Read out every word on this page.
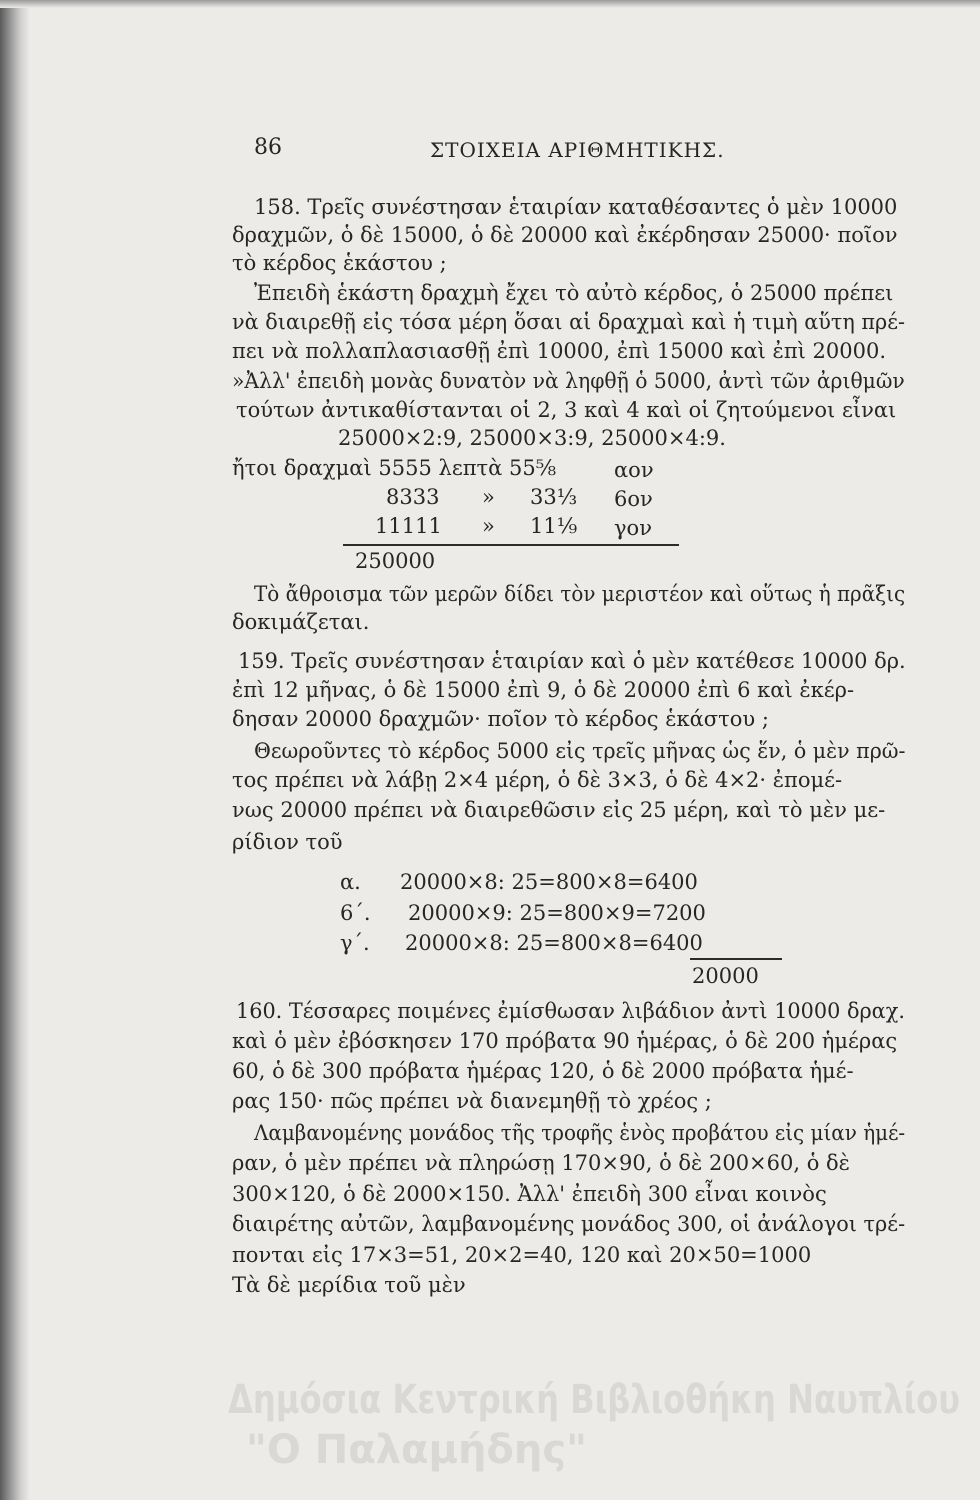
86	ΣΤΟΙΧΕΙΑ ΑΡΙΘΜΗΤΙΚΗΣ.
158. Τρεῖς συνέστησαν ἑταιρίαν καταθέσαντες ὁ μὲν 10000
δραχμῶν, ὁ δὲ 15000, ὁ δὲ 20000 καὶ ἐκέρδησαν 25000· ποῖον
τὸ κέρδος ἑκάστου ;
Ἐπειδὴ ἑκάστη δραχμὴ ἔχει τὸ αὐτὸ κέρδος, ὁ 25000 πρέπει
νὰ διαιρεθῇ εἰς τόσα μέρη ὅσαι αἱ δραχμαὶ καὶ ἡ τιμὴ αὕτη πρέ-
πει νὰ πολλαπλασιασθῇ ἐπὶ 10000, ἐπὶ 15000 καὶ ἐπὶ 20000.
»Ἀλλ' ἐπειδὴ μονὰς δυνατὸν νὰ ληφθῇ ὁ 5000, ἀντὶ τῶν ἀριθμῶν
τούτων ἀντικαθίστανται οἱ 2, 3 καὶ 4 καὶ οἱ ζητούμενοι εἶναι
25000×2:9, 25000×3:9, 25000×4:9.
ἤτοι δραχμαὶ 5555 λεπτὰ 55⅝	αον
8333 » 33⅓ 6ον
11111 » 11⅑ γον
250000
Τὸ ἄθροισμα τῶν μερῶν δίδει τὸν μεριστέον καὶ οὕτως ἡ πρᾶξις
δοκιμάζεται.
159. Τρεῖς συνέστησαν ἑταιρίαν καὶ ὁ μὲν κατέθεσε 10000 δρ.
ἐπὶ 12 μῆνας, ὁ δὲ 15000 ἐπὶ 9, ὁ δὲ 20000 ἐπὶ 6 καὶ ἐκέρ-
δησαν 20000 δραχμῶν· ποῖον τὸ κέρδος ἑκάστου ;
Θεωροῦντες τὸ κέρδος 5000 εἰς τρεῖς μῆνας ὡς ἕν, ὁ μὲν πρῶ-
τος πρέπει νὰ λάβῃ 2×4 μέρη, ὁ δὲ 3×3, ὁ δὲ 4×2· ἐπομέ-
νως 20000 πρέπει νὰ διαιρεθῶσιν εἰς 25 μέρη, καὶ τὸ μὲν με-
ρίδιον τοῦ
α. 20000×8: 25=800×8=6400
6΄. 20000×9: 25=800×9=7200
γ΄. 20000×8: 25=800×8=6400
20000
160. Τέσσαρες ποιμένες ἐμίσθωσαν λιβάδιον ἀντὶ 10000 δραχ.
καὶ ὁ μὲν ἐβόσκησεν 170 πρόβατα 90 ἡμέρας, ὁ δὲ 200 ἡμέρας
60, ὁ δὲ 300 πρόβατα ἡμέρας 120, ὁ δὲ 2000 πρόβατα ἡμέ-
ρας 150· πῶς πρέπει νὰ διανεμηθῇ τὸ χρέος ;
Λαμβανομένης μονάδος τῆς τροφῆς ἑνὸς προβάτου εἰς μίαν ἡμέ-
ραν, ὁ μὲν πρέπει νὰ πληρώσῃ 170×90, ὁ δὲ 200×60, ὁ δὲ
300×120, ὁ δὲ 2000×150. Ἀλλ' ἐπειδὴ 300 εἶναι κοινὸς
διαιρέτης αὐτῶν, λαμβανομένης μονάδος 300, οἱ ἀνάλογοι τρέ-
πονται εἰς 17×3=51, 20×2=40, 120 καὶ 20×50=1000
Τὰ δὲ μερίδια τοῦ μὲν
Δημόσια Κεντρική Βιβλιοθήκη Ναυπλίου
"Ο Παλαμήδης"
